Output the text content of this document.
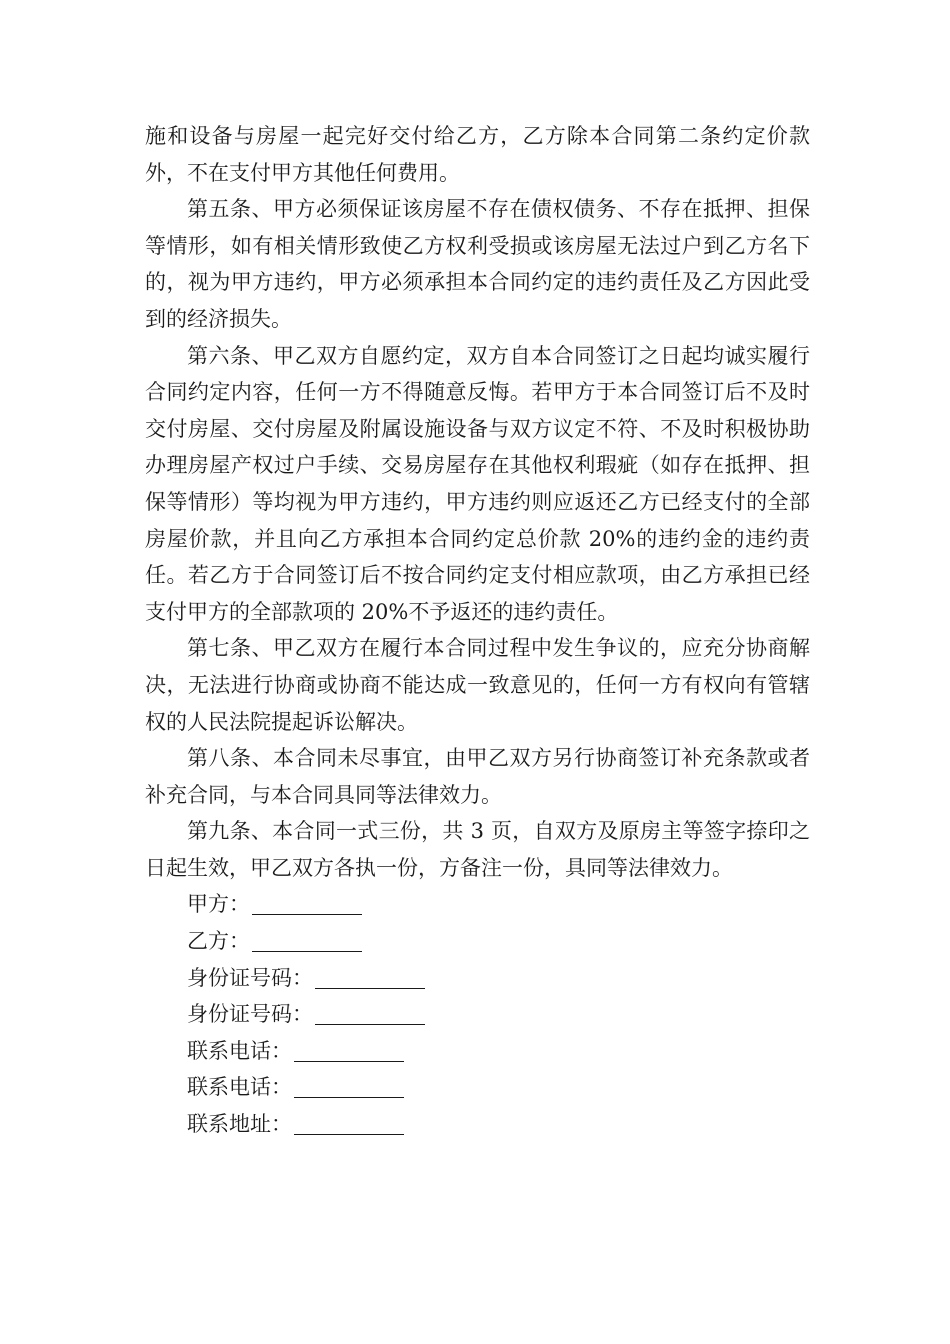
施和设备与房屋一起完好交付给乙方，乙方除本合同第二条约定价款外，不在支付甲方其他任何费用。

第五条、甲方必须保证该房屋不存在债权债务、不存在抵押、担保等情形，如有相关情形致使乙方权利受损或该房屋无法过户到乙方名下的，视为甲方违约，甲方必须承担本合同约定的违约责任及乙方因此受到的经济损失。

第六条、甲乙双方自愿约定，双方自本合同签订之日起均诚实履行合同约定内容，任何一方不得随意反悔。若甲方于本合同签订后不及时交付房屋、交付房屋及附属设施设备与双方议定不符、不及时积极协助办理房屋产权过户手续、交易房屋存在其他权利瑕疵（如存在抵押、担保等情形）等均视为甲方违约，甲方违约则应返还乙方已经支付的全部房屋价款，并且向乙方承担本合同约定总价款 20%的违约金的违约责任。若乙方于合同签订后不按合同约定支付相应款项，由乙方承担已经支付甲方的全部款项的 20%不予返还的违约责任。

第七条、甲乙双方在履行本合同过程中发生争议的，应充分协商解决，无法进行协商或协商不能达成一致意见的，任何一方有权向有管辖权的人民法院提起诉讼解决。

第八条、本合同未尽事宜，由甲乙双方另行协商签订补充条款或者补充合同，与本合同具同等法律效力。

第九条、本合同一式三份，共 3 页，自双方及原房主等签字捺印之日起生效，甲乙双方各执一份，方备注一份，具同等法律效力。

甲方：
乙方：
身份证号码：
身份证号码：
联系电话：
联系电话：
联系地址：
